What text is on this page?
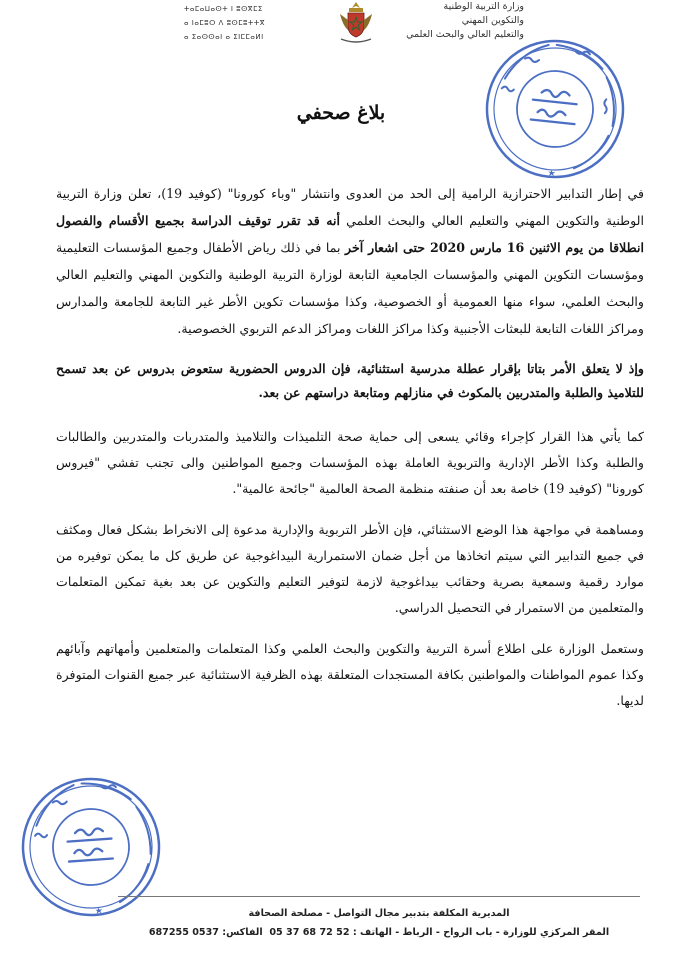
ⵜⴰⵎⴰⵡⴰⵙⵜ ⵏ ⵓⵙⴳⵎⵉ
ⴰ ⵏⴰⵎⵓⵔ ⴷ ⵓⵙⵎⵓⵜⵜⴳ
ⴰ ⵉⴰⵙⵙⴰⵏ ⴰ ⵉⵏⵎⵎⴰⵍⵏ
وزارة التربية الوطنية
والتكوين المهني
والتعليم العالي والبحث العلمي
بلاغ صحفي

في إطار التدابير الاحترازية الرامية إلى الحد من العدوى وانتشار "وباء كورونا" (كوفيد 19)، تعلن وزارة التربية الوطنية والتكوين المهني والتعليم العالي والبحث العلمي أنه قد تقرر توقيف الدراسة بجميع الأقسام والفصول انطلاقا من يوم الاثنين 16 مارس 2020 حتى اشعار آخر بما في ذلك رياض الأطفال وجميع المؤسسات التعليمية ومؤسسات التكوين المهني والمؤسسات الجامعية التابعة لوزارة التربية الوطنية والتكوين المهني والتعليم العالي والبحث العلمي، سواء منها العمومية أو الخصوصية، وكذا مؤسسات تكوين الأطر غير التابعة للجامعة والمدارس ومراكز اللغات التابعة للبعثات الأجنبية وكذا مراكز اللغات ومراكز الدعم التربوي الخصوصية.

وإذ لا يتعلق الأمر بتاتا بإقرار عطلة مدرسية استثنائية، فإن الدروس الحضورية ستعوض بدروس عن بعد تسمح للتلاميذ والطلبة والمتدربين بالمكوث في منازلهم ومتابعة دراستهم عن بعد.

كما يأتي هذا القرار كإجراء وقائي يسعى إلى حماية صحة التلميذات والتلاميذ والمتدربات والمتدربين والطالبات والطلبة وكذا الأطر الإدارية والتربوية العاملة بهذه المؤسسات وجميع المواطنين والى تجنب تفشي "فيروس كورونا" (كوفيد 19) خاصة بعد أن صنفته منظمة الصحة العالمية "جائحة عالمية".

ومساهمة في مواجهة هذا الوضع الاستثنائي، فإن الأطر التربوية والإدارية مدعوة إلى الانخراط بشكل فعال ومكثف في جميع التدابير التي سيتم اتخاذها من أجل ضمان الاستمرارية البيداغوجية عن طريق كل ما يمكن توفيره من موارد رقمية وسمعية بصرية وحقائب بيداغوجية لازمة لتوفير التعليم والتكوين عن بعد بغية تمكين المتعلمات والمتعلمين من الاستمرار في التحصيل الدراسي.

وستعمل الوزارة على اطلاع أسرة التربية والتكوين والبحث العلمي وكذا المتعلمات والمتعلمين وأمهاتهم وآبائهم وكذا عموم المواطنات والمواطنين بكافة المستجدات المتعلقة بهذه الظرفية الاستثنائية عبر جميع القنوات المتوفرة لديها.

المديرية المكلفة بتدبير مجال التواصل - مصلحة الصحافة
المقر المركزي للوزارة - باب الرواح - الرباط - الهاتف : 52 72 68 37 05 الفاكس: 0537 687255
